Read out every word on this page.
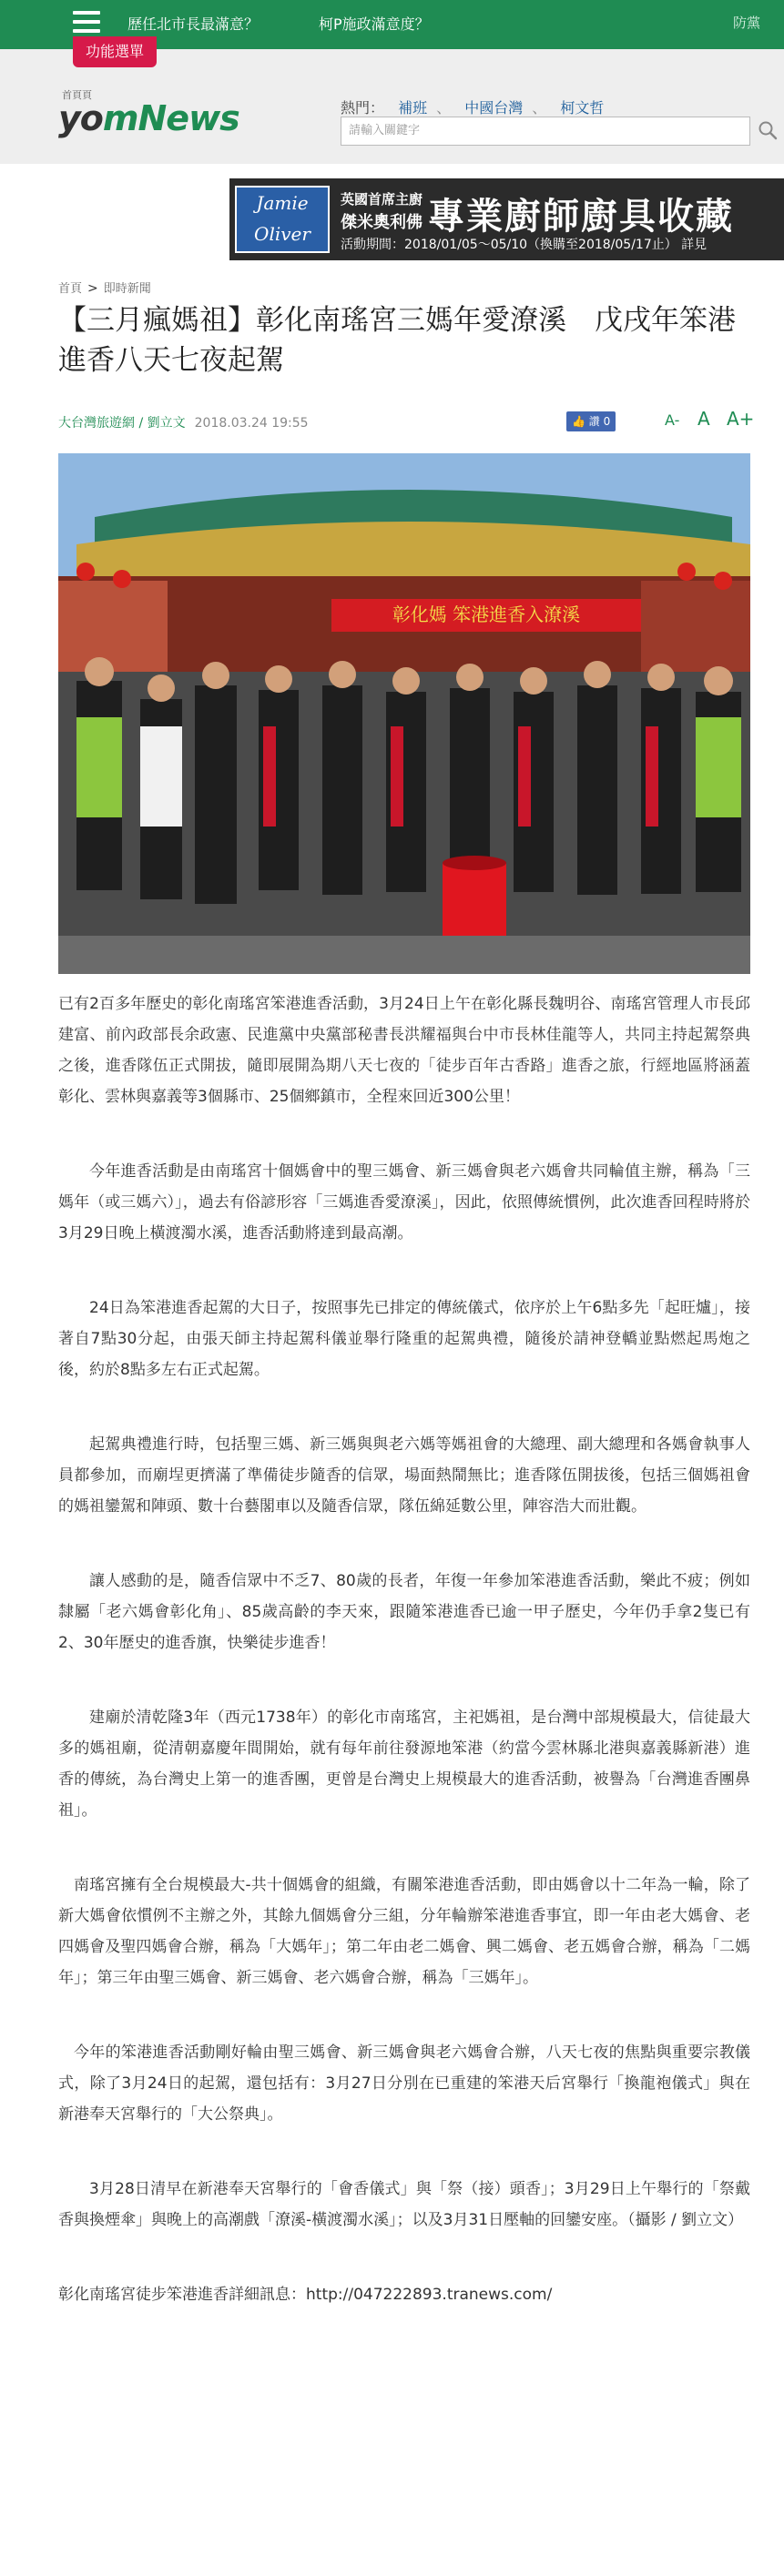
歷任北市長最滿意？	柯P施政滿意度？	防黨
首頁頁
yomNews	熱門： 補班 、 中國台灣 、 柯文哲
請輸入關鍵字
功能選單
Jamie Oliver
英國首席主廚
傑米奧利佛 專業廚師廚具收藏
活動期間：2018/01/05～05/10（換購至2018/05/17止） 詳見
首頁 > 即時新聞
【三月瘋媽祖】彰化南瑤宮三媽年愛潦溪　戊戌年笨港進香八天七夜起駕
大台灣旅遊網 / 劉立文 2018.03.24 19:55	👍 讚 0	A- A A+
彰化媽 笨港進香入潦溪

已有2百多年歷史的彰化南瑤宮笨港進香活動，3月24日上午在彰化縣長魏明谷、南瑤宮管理人市長邱建富、前內政部長余政憲、民進黨中央黨部秘書長洪耀福與台中市長林佳龍等人，共同主持起駕祭典之後，進香隊伍正式開拔，隨即展開為期八天七夜的「徒步百年古香路」進香之旅，行經地區將涵蓋彰化、雲林與嘉義等3個縣市、25個鄉鎮市，全程來回近300公里！

今年進香活動是由南瑤宮十個媽會中的聖三媽會、新三媽會與老六媽會共同輪值主辦，稱為「三媽年（或三媽六）」，過去有俗諺形容「三媽進香愛潦溪」，因此，依照傳統慣例，此次進香回程時將於3月29日晚上橫渡濁水溪，進香活動將達到最高潮。

24日為笨港進香起駕的大日子，按照事先已排定的傳統儀式，依序於上午6點多先「起旺爐」，接著自7點30分起，由張天師主持起駕科儀並舉行隆重的起駕典禮，隨後於請神登轎並點燃起馬炮之後，約於8點多左右正式起駕。

起駕典禮進行時，包括聖三媽、新三媽與與老六媽等媽祖會的大總理、副大總理和各媽會執事人員都參加，而廟埕更擠滿了準備徒步隨香的信眾，場面熱鬧無比；進香隊伍開拔後，包括三個媽祖會的媽祖鑾駕和陣頭、數十台藝閣車以及隨香信眾，隊伍綿延數公里，陣容浩大而壯觀。

讓人感動的是，隨香信眾中不乏7、80歲的長者，年復一年參加笨港進香活動，樂此不疲；例如隸屬「老六媽會彰化角」、85歲高齡的李天來，跟隨笨港進香已逾一甲子歷史，今年仍手拿2隻已有2、30年歷史的進香旗，快樂徒步進香！

建廟於清乾隆3年（西元1738年）的彰化市南瑤宮，主祀媽祖，是台灣中部規模最大，信徒最大多的媽祖廟，從清朝嘉慶年間開始，就有每年前往發源地笨港（約當今雲林縣北港與嘉義縣新港）進香的傳統，為台灣史上第一的進香團，更曾是台灣史上規模最大的進香活動，被譽為「台灣進香團鼻祖」。

南瑤宮擁有全台規模最大-共十個媽會的組織，有關笨港進香活動，即由媽會以十二年為一輪，除了新大媽會依慣例不主辦之外，其餘九個媽會分三組，分年輪辦笨港進香事宜，即一年由老大媽會、老四媽會及聖四媽會合辦，稱為「大媽年」；第二年由老二媽會、興二媽會、老五媽會合辦，稱為「二媽年」；第三年由聖三媽會、新三媽會、老六媽會合辦，稱為「三媽年」。

今年的笨港進香活動剛好輪由聖三媽會、新三媽會與老六媽會合辦，八天七夜的焦點與重要宗教儀式，除了3月24日的起駕，還包括有：3月27日分別在已重建的笨港天后宮舉行「換龍袍儀式」與在新港奉天宮舉行的「大公祭典」。

3月28日清早在新港奉天宮舉行的「會香儀式」與「祭（接）頭香」；3月29日上午舉行的「祭戴香與換煙傘」與晚上的高潮戲「潦溪-橫渡濁水溪」；以及3月31日壓軸的回鑾安座。（攝影 / 劉立文）

彰化南瑤宮徒步笨港進香詳細訊息：http://047222893.tranews.com/
